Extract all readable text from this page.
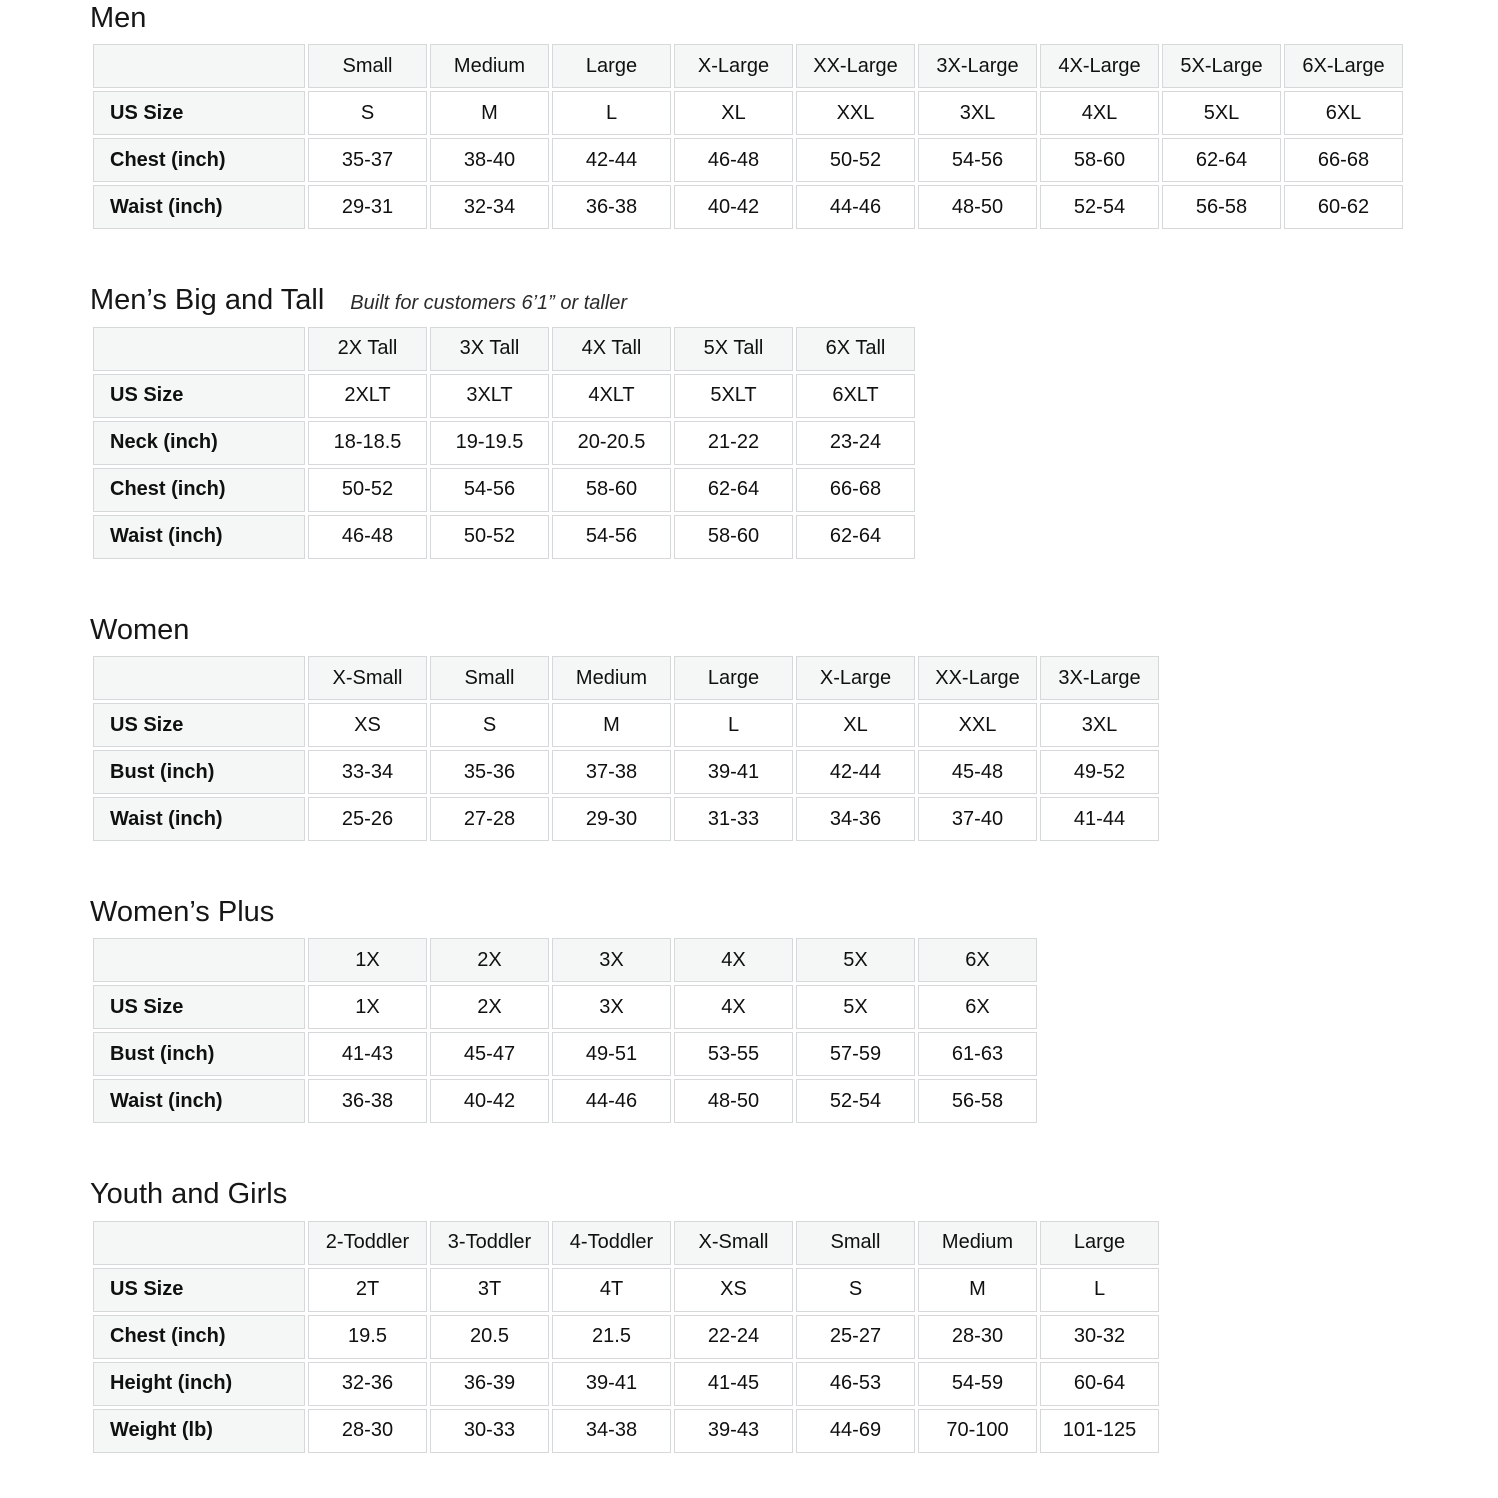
Men
	Small	Medium	Large	X-Large	XX-Large	3X-Large	4X-Large	5X-Large	6X-Large
US Size	S	M	L	XL	XXL	3XL	4XL	5XL	6XL
Chest (inch)	35-37	38-40	42-44	46-48	50-52	54-56	58-60	62-64	66-68
Waist (inch)	29-31	32-34	36-38	40-42	44-46	48-50	52-54	56-58	60-62
Men’s Big and Tall Built for customers 6’1” or taller
	2X Tall	3X Tall	4X Tall	5X Tall	6X Tall
US Size	2XLT	3XLT	4XLT	5XLT	6XLT
Neck (inch)	18-18.5	19-19.5	20-20.5	21-22	23-24
Chest (inch)	50-52	54-56	58-60	62-64	66-68
Waist (inch)	46-48	50-52	54-56	58-60	62-64
Women
	X-Small	Small	Medium	Large	X-Large	XX-Large	3X-Large
US Size	XS	S	M	L	XL	XXL	3XL
Bust (inch)	33-34	35-36	37-38	39-41	42-44	45-48	49-52
Waist (inch)	25-26	27-28	29-30	31-33	34-36	37-40	41-44
Women’s Plus
	1X	2X	3X	4X	5X	6X
US Size	1X	2X	3X	4X	5X	6X
Bust (inch)	41-43	45-47	49-51	53-55	57-59	61-63
Waist (inch)	36-38	40-42	44-46	48-50	52-54	56-58
Youth and Girls
	2-Toddler	3-Toddler	4-Toddler	X-Small	Small	Medium	Large
US Size	2T	3T	4T	XS	S	M	L
Chest (inch)	19.5	20.5	21.5	22-24	25-27	28-30	30-32
Height (inch)	32-36	36-39	39-41	41-45	46-53	54-59	60-64
Weight (lb)	28-30	30-33	34-38	39-43	44-69	70-100	101-125
